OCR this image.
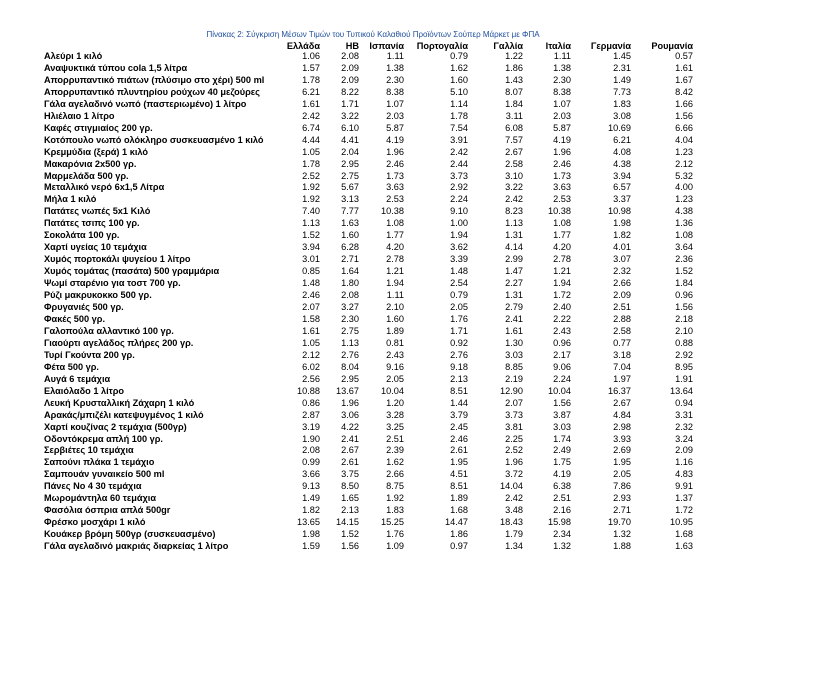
Πίνακας 2: Σύγκριση Μέσων Τιμών του Τυπικού Καλαθιού Προϊόντων Σούπερ Μάρκετ με ΦΠΑ
	Ελλάδα	ΗΒ	Ισπανία	Πορτογαλία	Γαλλία	Ιταλία	Γερμανία	Ρουμανία
Αλεύρι 1 κιλό	1.06	2.08	1.11	0.79	1.22	1.11	1.45	0.57
Αναψυκτικά τύπου cola 1,5 λίτρα	1.57	2.09	1.38	1.62	1.86	1.38	2.31	1.61
Απορρυπαντικό πιάτων (πλύσιμο στο χέρι) 500 ml	1.78	2.09	2.30	1.60	1.43	2.30	1.49	1.67
Απορρυπαντικό πλυντηρίου ρούχων 40 μεζούρες	6.21	8.22	8.38	5.10	8.07	8.38	7.73	8.42
Γάλα αγελαδινό νωπό (παστεριωμένο) 1 λίτρο	1.61	1.71	1.07	1.14	1.84	1.07	1.83	1.66
Ηλιέλαιο 1 λίτρο	2.42	3.22	2.03	1.78	3.11	2.03	3.08	1.56
Καφές στιγμιαίος 200 γρ.	6.74	6.10	5.87	7.54	6.08	5.87	10.69	6.66
Κοτόπουλο νωπό ολόκληρο συσκευασμένο 1 κιλό	4.44	4.41	4.19	3.91	7.57	4.19	6.21	4.04
Κρεμμύδια (ξερά) 1 κιλό	1.05	2.04	1.96	2.42	2.67	1.96	4.08	1.23
Μακαρόνια 2x500 γρ.	1.78	2.95	2.46	2.44	2.58	2.46	4.38	2.12
Μαρμελάδα 500 γρ.	2.52	2.75	1.73	3.73	3.10	1.73	3.94	5.32
Μεταλλικό νερό 6x1,5 Λίτρα	1.92	5.67	3.63	2.92	3.22	3.63	6.57	4.00
Μήλα 1 κιλό	1.92	3.13	2.53	2.24	2.42	2.53	3.37	1.23
Πατάτες νωπές 5x1 Κιλό	7.40	7.77	10.38	9.10	8.23	10.38	10.98	4.38
Πατάτες τσιπς 100 γρ.	1.13	1.63	1.08	1.00	1.13	1.08	1.98	1.36
Σοκολάτα 100 γρ.	1.52	1.60	1.77	1.94	1.31	1.77	1.82	1.08
Χαρτί υγείας 10 τεμάχια	3.94	6.28	4.20	3.62	4.14	4.20	4.01	3.64
Χυμός πορτοκάλι ψυγείου 1 λίτρο	3.01	2.71	2.78	3.39	2.99	2.78	3.07	2.36
Χυμός τομάτας (πασάτα) 500 γραμμάρια	0.85	1.64	1.21	1.48	1.47	1.21	2.32	1.52
Ψωμί σταρένιο για τοστ 700 γρ.	1.48	1.80	1.94	2.54	2.27	1.94	2.66	1.84
Ρύζι μακρυκοκκο 500 γρ.	2.46	2.08	1.11	0.79	1.31	1.72	2.09	0.96
Φρυγανιές 500 γρ.	2.07	3.27	2.10	2.05	2.79	2.40	2.51	1.56
Φακές 500 γρ.	1.58	2.30	1.60	1.76	2.41	2.22	2.88	2.18
Γαλοπούλα αλλαντικό 100 γρ.	1.61	2.75	1.89	1.71	1.61	2.43	2.58	2.10
Γιαούρτι αγελάδος πλήρες 200 γρ.	1.05	1.13	0.81	0.92	1.30	0.96	0.77	0.88
Τυρί Γκούντα 200 γρ.	2.12	2.76	2.43	2.76	3.03	2.17	3.18	2.92
Φέτα 500 γρ.	6.02	8.04	9.16	9.18	8.85	9.06	7.04	8.95
Αυγά 6 τεμάχια	2.56	2.95	2.05	2.13	2.19	2.24	1.97	1.91
Ελαιόλαδο 1 λίτρο	10.88	13.67	10.04	8.51	12.90	10.04	16.37	13.64
Λευκή Κρυσταλλική Ζάχαρη 1 κιλό	0.86	1.96	1.20	1.44	2.07	1.56	2.67	0.94
Αρακάς/μπιζέλι κατεψυγμένος 1 κιλό	2.87	3.06	3.28	3.79	3.73	3.87	4.84	3.31
Χαρτί κουζίνας 2 τεμάχια (500γρ)	3.19	4.22	3.25	2.45	3.81	3.03	2.98	2.32
Οδοντόκρεμα απλή 100 γρ.	1.90	2.41	2.51	2.46	2.25	1.74	3.93	3.24
Σερβιέτες 10 τεμάχια	2.08	2.67	2.39	2.61	2.52	2.49	2.69	2.09
Σαπούνι πλάκα 1 τεμάχιο	0.99	2.61	1.62	1.95	1.96	1.75	1.95	1.16
Σαμπουάν γυναικείο 500 ml	3.66	3.75	2.66	4.51	3.72	4.19	2.05	4.83
Πάνες Νο 4 30 τεμάχια	9.13	8.50	8.75	8.51	14.04	6.38	7.86	9.91
Μωρομάντηλα 60 τεμάχια	1.49	1.65	1.92	1.89	2.42	2.51	2.93	1.37
Φασόλια όσπρια απλά 500gr	1.82	2.13	1.83	1.68	3.48	2.16	2.71	1.72
Φρέσκο μοσχάρι 1 κιλό	13.65	14.15	15.25	14.47	18.43	15.98	19.70	10.95
Κουάκερ βρόμη 500γρ (συσκευασμένο)	1.98	1.52	1.76	1.86	1.79	2.34	1.32	1.68
Γάλα αγελαδινό μακριάς διαρκείας 1 λίτρο	1.59	1.56	1.09	0.97	1.34	1.32	1.88	1.63
